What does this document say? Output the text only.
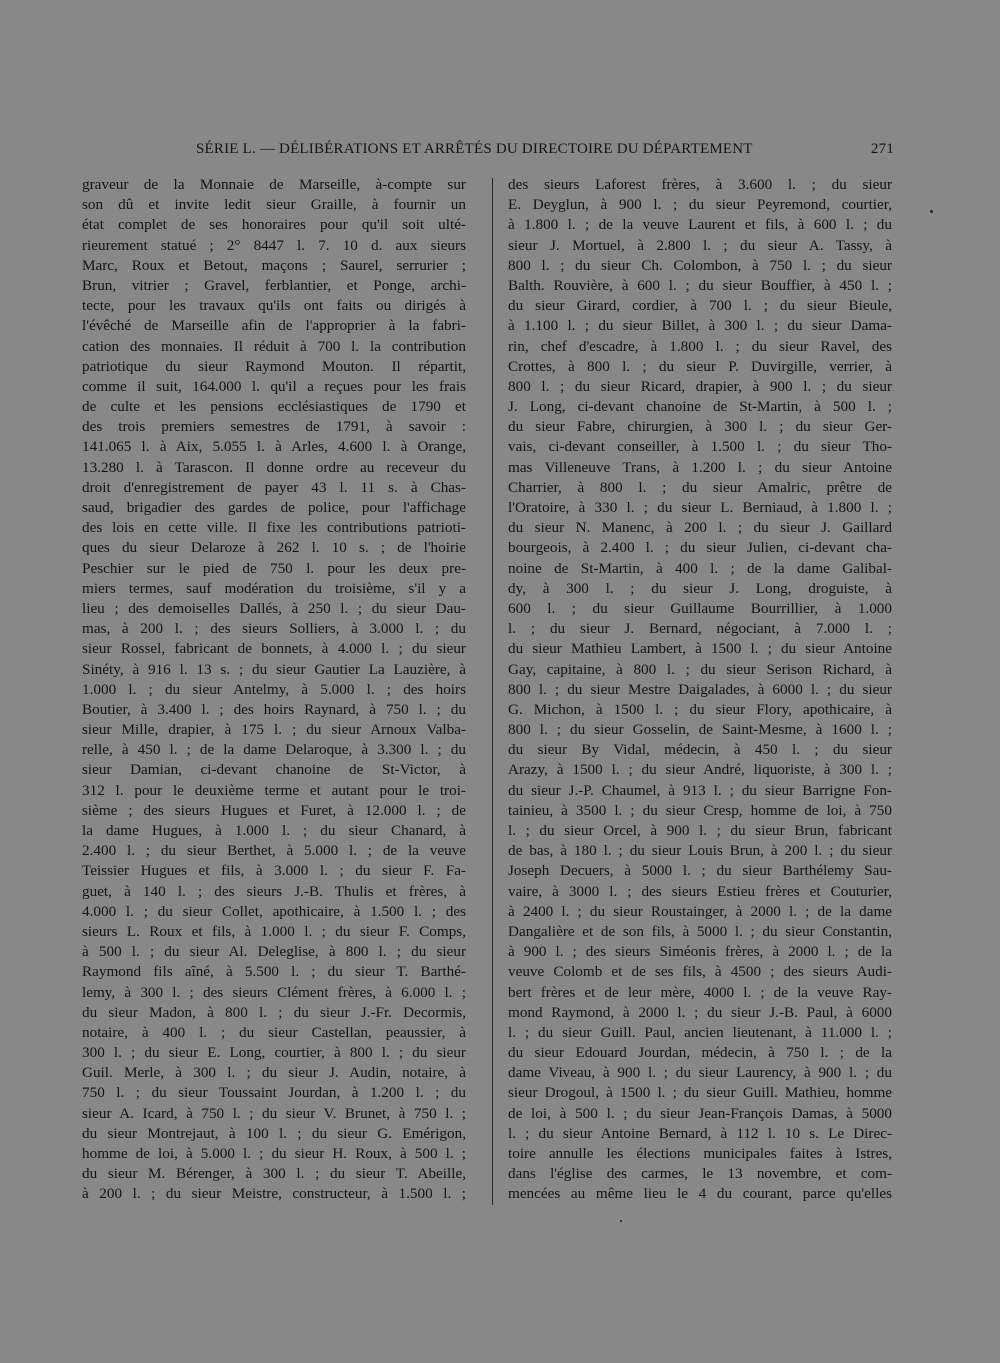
SÉRIE L. — DÉLIBÉRATIONS ET ARRÊTÉS DU DIRECTOIRE DU DÉPARTEMENT	271
graveur de la Monnaie de Marseille, à-compte sur
son dû et invite ledit sieur Graille, à fournir un
état complet de ses honoraires pour qu'il soit ulté-
rieurement statué ; 2° 8447 l. 7. 10 d. aux sieurs
Marc, Roux et Betout, maçons ; Saurel, serrurier ;
Brun, vitrier ; Gravel, ferblantier, et Ponge, archi-
tecte, pour les travaux qu'ils ont faits ou dirigés à
l'évêché de Marseille afin de l'approprier à la fabri-
cation des monnaies. Il réduit à 700 l. la contribution
patriotique du sieur Raymond Mouton. Il répartit,
comme il suit, 164.000 l. qu'il a reçues pour les frais
de culte et les pensions ecclésiastiques de 1790 et
des trois premiers semestres de 1791, à savoir :
141.065 l. à Aix, 5.055 l. à Arles, 4.600 l. à Orange,
13.280 l. à Tarascon. Il donne ordre au receveur du
droit d'enregistrement de payer 43 l. 11 s. à Chas-
saud, brigadier des gardes de police, pour l'affichage
des lois en cette ville. Il fixe les contributions patrioti-
ques du sieur Delaroze à 262 l. 10 s. ; de l'hoirie
Peschier sur le pied de 750 l. pour les deux pre-
miers termes, sauf modération du troisième, s'il y a
lieu ; des demoiselles Dallés, à 250 l. ; du sieur Dau-
mas, à 200 l. ; des sieurs Solliers, à 3.000 l. ; du
sieur Rossel, fabricant de bonnets, à 4.000 l. ; du sieur
Sinéty, à 916 l. 13 s. ; du sieur Gautier La Lauzière, à
1.000 l. ; du sieur Antelmy, à 5.000 l. ; des hoirs
Boutier, à 3.400 l. ; des hoirs Raynard, à 750 l. ; du
sieur Mille, drapier, à 175 l. ; du sieur Arnoux Valba-
relle, à 450 l. ; de la dame Delaroque, à 3.300 l. ; du
sieur Damian, ci-devant chanoine de St-Victor, à
312 l. pour le deuxième terme et autant pour le troi-
sième ; des sieurs Hugues et Furet, à 12.000 l. ; de
la dame Hugues, à 1.000 l. ; du sieur Chanard, à
2.400 l. ; du sieur Berthet, à 5.000 l. ; de la veuve
Teissier Hugues et fils, à 3.000 l. ; du sieur F. Fa-
guet, à 140 l. ; des sieurs J.-B. Thulis et frères, à
4.000 l. ; du sieur Collet, apothicaire, à 1.500 l. ; des
sieurs L. Roux et fils, à 1.000 l. ; du sieur F. Comps,
à 500 l. ; du sieur Al. Deleglise, à 800 l. ; du sieur
Raymond fils aîné, à 5.500 l. ; du sieur T. Barthé-
lemy, à 300 l. ; des sieurs Clément frères, à 6.000 l. ;
du sieur Madon, à 800 l. ; du sieur J.-Fr. Decormis,
notaire, à 400 l. ; du sieur Castellan, peaussier, à
300 l. ; du sieur E. Long, courtier, à 800 l. ; du sieur
Guil. Merle, à 300 l. ; du sieur J. Audin, notaire, à
750 l. ; du sieur Toussaint Jourdan, à 1.200 l. ; du
sieur A. Icard, à 750 l. ; du sieur V. Brunet, à 750 l. ;
du sieur Montrejaut, à 100 l. ; du sieur G. Emérigon,
homme de loi, à 5.000 l. ; du sieur H. Roux, à 500 l. ;
du sieur M. Bérenger, à 300 l. ; du sieur T. Abeille,
à 200 l. ; du sieur Meistre, constructeur, à 1.500 l. ;
des sieurs Laforest frères, à 3.600 l. ; du sieur
E. Deyglun, à 900 l. ; du sieur Peyremond, courtier,
à 1.800 l. ; de la veuve Laurent et fils, à 600 l. ; du
sieur J. Mortuel, à 2.800 l. ; du sieur A. Tassy, à
800 l. ; du sieur Ch. Colombon, à 750 l. ; du sieur
Balth. Rouvière, à 600 l. ; du sieur Bouffier, à 450 l. ;
du sieur Girard, cordier, à 700 l. ; du sieur Bieule,
à 1.100 l. ; du sieur Billet, à 300 l. ; du sieur Dama-
rin, chef d'escadre, à 1.800 l. ; du sieur Ravel, des
Crottes, à 800 l. ; du sieur P. Duvirgille, verrier, à
800 l. ; du sieur Ricard, drapier, à 900 l. ; du sieur
J. Long, ci-devant chanoine de St-Martin, à 500 l. ;
du sieur Fabre, chirurgien, à 300 l. ; du sieur Ger-
vais, ci-devant conseiller, à 1.500 l. ; du sieur Tho-
mas Villeneuve Trans, à 1.200 l. ; du sieur Antoine
Charrier, à 800 l. ; du sieur Amalric, prêtre de
l'Oratoire, à 330 l. ; du sieur L. Berniaud, à 1.800 l. ;
du sieur N. Manenc, à 200 l. ; du sieur J. Gaillard
bourgeois, à 2.400 l. ; du sieur Julien, ci-devant cha-
noine de St-Martin, à 400 l. ; de la dame Galibal-
dy, à 300 l. ; du sieur J. Long, droguiste, à
600 l. ; du sieur Guillaume Bourrillier, à 1.000
l. ; du sieur J. Bernard, négociant, à 7.000 l. ;
du sieur Mathieu Lambert, à 1500 l. ; du sieur Antoine
Gay, capitaine, à 800 l. ; du sieur Serison Richard, à
800 l. ; du sieur Mestre Daigalades, à 6000 l. ; du sieur
G. Michon, à 1500 l. ; du sieur Flory, apothicaire, à
800 l. ; du sieur Gosselin, de Saint-Mesme, à 1600 l. ;
du sieur By Vidal, médecin, à 450 l. ; du sieur
Arazy, à 1500 l. ; du sieur André, liquoriste, à 300 l. ;
du sieur J.-P. Chaumel, à 913 l. ; du sieur Barrigne Fon-
tainieu, à 3500 l. ; du sieur Cresp, homme de loi, à 750
l. ; du sieur Orcel, à 900 l. ; du sieur Brun, fabricant
de bas, à 180 l. ; du sieur Louis Brun, à 200 l. ; du sieur
Joseph Decuers, à 5000 l. ; du sieur Barthélemy Sau-
vaire, à 3000 l. ; des sieurs Estieu frères et Couturier,
à 2400 l. ; du sieur Roustainger, à 2000 l. ; de la dame
Dangalière et de son fils, à 5000 l. ; du sieur Constantin,
à 900 l. ; des sieurs Siméonis frères, à 2000 l. ; de la
veuve Colomb et de ses fils, à 4500 ; des sieurs Audi-
bert frères et de leur mère, 4000 l. ; de la veuve Ray-
mond Raymond, à 2000 l. ; du sieur J.-B. Paul, à 6000
l. ; du sieur Guill. Paul, ancien lieutenant, à 11.000 l. ;
du sieur Edouard Jourdan, médecin, à 750 l. ; de la
dame Viveau, à 900 l. ; du sieur Laurency, à 900 l. ; du
sieur Drogoul, à 1500 l. ; du sieur Guill. Mathieu, homme
de loi, à 500 l. ; du sieur Jean-François Damas, à 5000
l. ; du sieur Antoine Bernard, à 112 l. 10 s. Le Direc-
toire annulle les élections municipales faites à Istres,
dans l'église des carmes, le 13 novembre, et com-
mencées au même lieu le 4 du courant, parce qu'elles
